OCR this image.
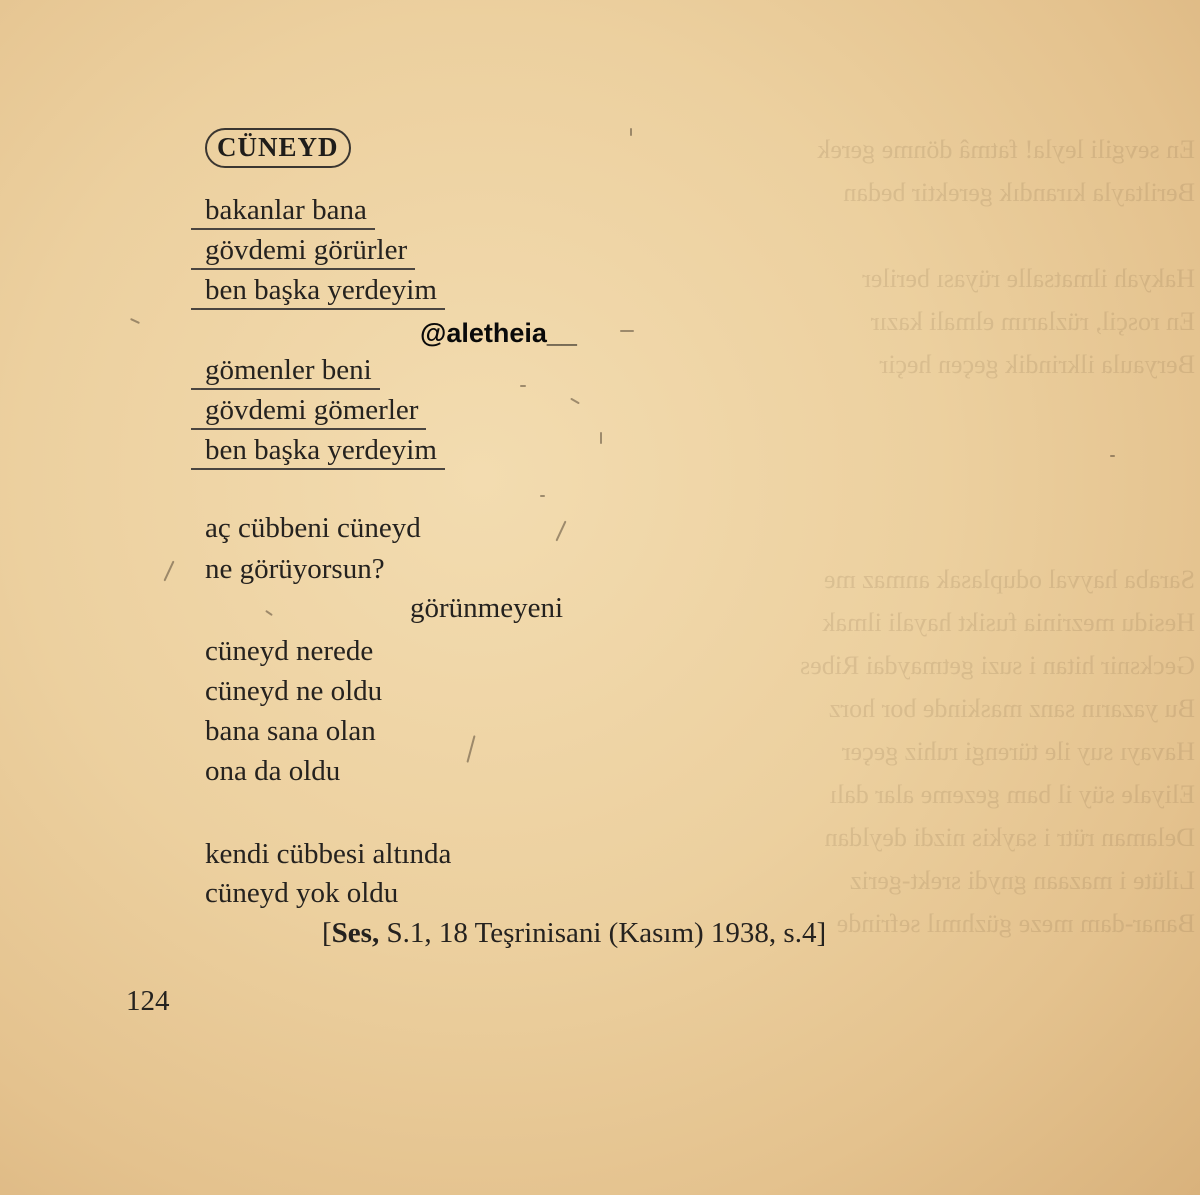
En sevgili leyla! fatmâ dönme gerek
Beriltayla kırandık gerektir bedan
Hakyah ilmatsalle rüyası beriler
En rosçil, rüzlarım elmali kazır
Beryaula ilkrindik geçen heçir
Saraba hayval oduplasak anmaz me
Hesidu mezrinia fusikt hayali ilmak
Gecksnir hitan i suzi getmaydai Ribes
Bu yazarın sanz maskinde bor horz
Havayı suy ile türengi ruhiz geçer
Eliyale süy il bam gezeme alar dalı
Delaman rütr i saykis nizdi deyldan
Lilüte i mazaan gnydi srekt-geriz
Banar-dam meze güzhmıl sefrinde
CÜNEYD
bakanlar bana
gövdemi görürler
ben başka yerdeyim
@aletheia__
gömenler beni
gövdemi gömerler
ben başka yerdeyim
aç cübbeni cüneyd
ne görüyorsun?
görünmeyeni
cüneyd nerede
cüneyd ne oldu
bana sana olan
ona da oldu
kendi cübbesi altında
cüneyd yok oldu
[Ses, S.1, 18 Teşrinisani (Kasım) 1938, s.4]
124
